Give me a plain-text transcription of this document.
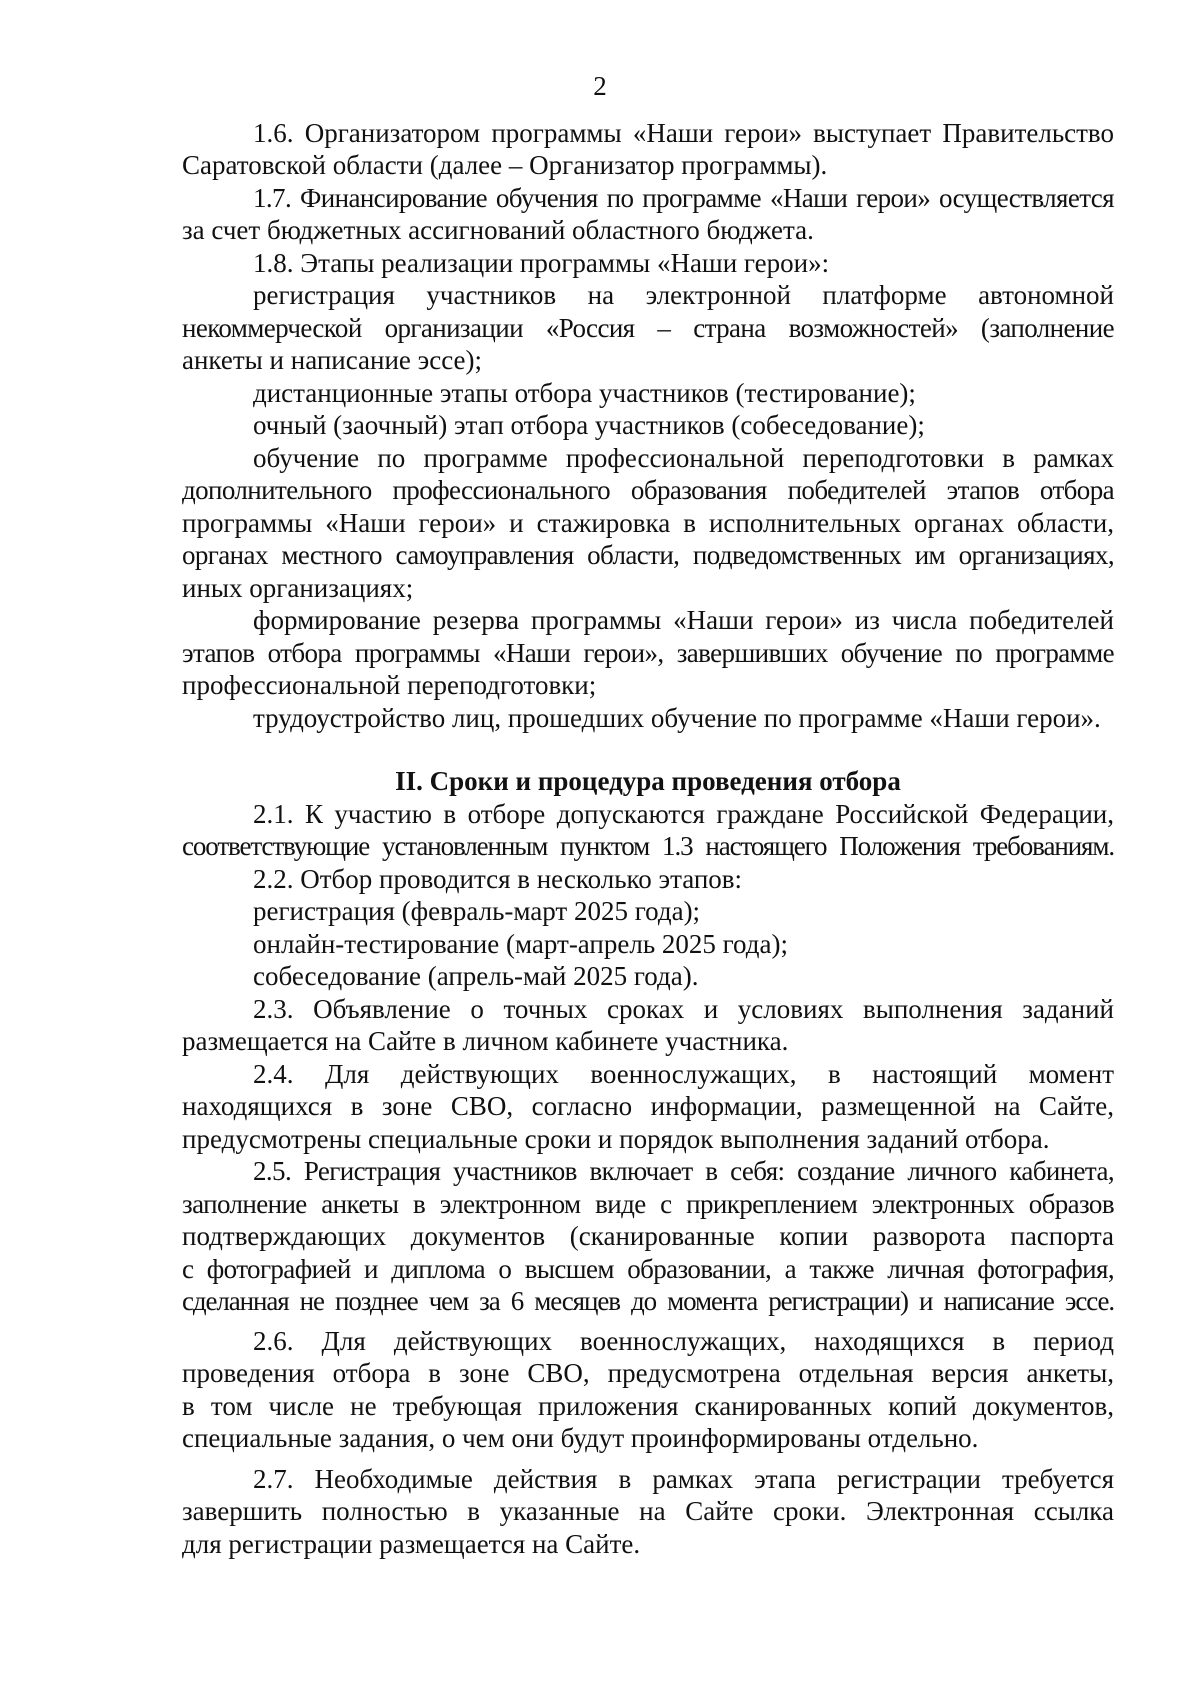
2
1.6. Организатором программы «Наши герои» выступает Правительство
Саратовской области (далее – Организатор программы).
1.7. Финансирование обучения по программе «Наши герои» осуществляется
за счет бюджетных ассигнований областного бюджета.
1.8. Этапы реализации программы «Наши герои»:
регистрация участников на электронной платформе автономной
некоммерческой организации «Россия – страна возможностей» (заполнение
анкеты и написание эссе);
дистанционные этапы отбора участников (тестирование);
очный (заочный) этап отбора участников (собеседование);
обучение по программе профессиональной переподготовки в рамках
дополнительного профессионального образования победителей этапов отбора
программы «Наши герои» и стажировка в исполнительных органах области,
органах местного самоуправления области, подведомственных им организациях,
иных организациях;
формирование резерва программы «Наши герои» из числа победителей
этапов отбора программы «Наши герои», завершивших обучение по программе
профессиональной переподготовки;
трудоустройство лиц, прошедших обучение по программе «Наши герои».
II. Сроки и процедура проведения отбора
2.1. К участию в отборе допускаются граждане Российской Федерации,
соответствующие установленным пунктом 1.3 настоящего Положения требованиям.
2.2. Отбор проводится в несколько этапов:
регистрация (февраль-март 2025 года);
онлайн-тестирование (март-апрель 2025 года);
собеседование (апрель-май 2025 года).
2.3. Объявление о точных сроках и условиях выполнения заданий
размещается на Сайте в личном кабинете участника.
2.4. Для действующих военнослужащих, в настоящий момент
находящихся в зоне СВО, согласно информации, размещенной на Сайте,
предусмотрены специальные сроки и порядок выполнения заданий отбора.
2.5. Регистрация участников включает в себя: создание личного кабинета,
заполнение анкеты в электронном виде с прикреплением электронных образов
подтверждающих документов (сканированные копии разворота паспорта
с фотографией и диплома о высшем образовании, а также личная фотография,
сделанная не позднее чем за 6 месяцев до момента регистрации) и написание эссе.
2.6. Для действующих военнослужащих, находящихся в период
проведения отбора в зоне СВО, предусмотрена отдельная версия анкеты,
в том числе не требующая приложения сканированных копий документов,
специальные задания, о чем они будут проинформированы отдельно.
2.7. Необходимые действия в рамках этапа регистрации требуется
завершить полностью в указанные на Сайте сроки. Электронная ссылка
для регистрации размещается на Сайте.
